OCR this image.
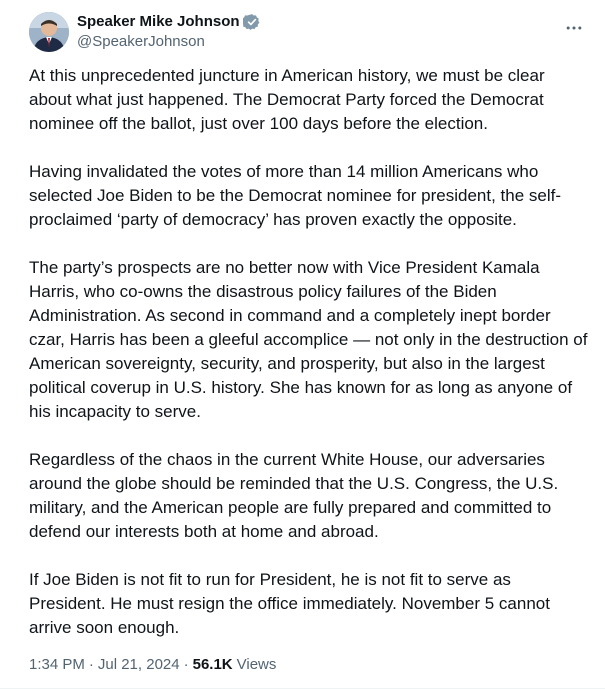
Speaker Mike Johnson
@SpeakerJohnson

At this unprecedented juncture in American history, we must be clear about what just happened. The Democrat Party forced the Democrat nominee off the ballot, just over 100 days before the election.

Having invalidated the votes of more than 14 million Americans who selected Joe Biden to be the Democrat nominee for president, the self-proclaimed ‘party of democracy’ has proven exactly the opposite.

The party’s prospects are no better now with Vice President Kamala Harris, who co-owns the disastrous policy failures of the Biden Administration. As second in command and a completely inept border czar, Harris has been a gleeful accomplice — not only in the destruction of American sovereignty, security, and prosperity, but also in the largest political coverup in U.S. history. She has known for as long as anyone of his incapacity to serve.

Regardless of the chaos in the current White House, our adversaries around the globe should be reminded that the U.S. Congress, the U.S. military, and the American people are fully prepared and committed to defend our interests both at home and abroad.

If Joe Biden is not fit to run for President, he is not fit to serve as President. He must resign the office immediately. November 5 cannot arrive soon enough.

1:34 PM · Jul 21, 2024 · 56.1K Views
